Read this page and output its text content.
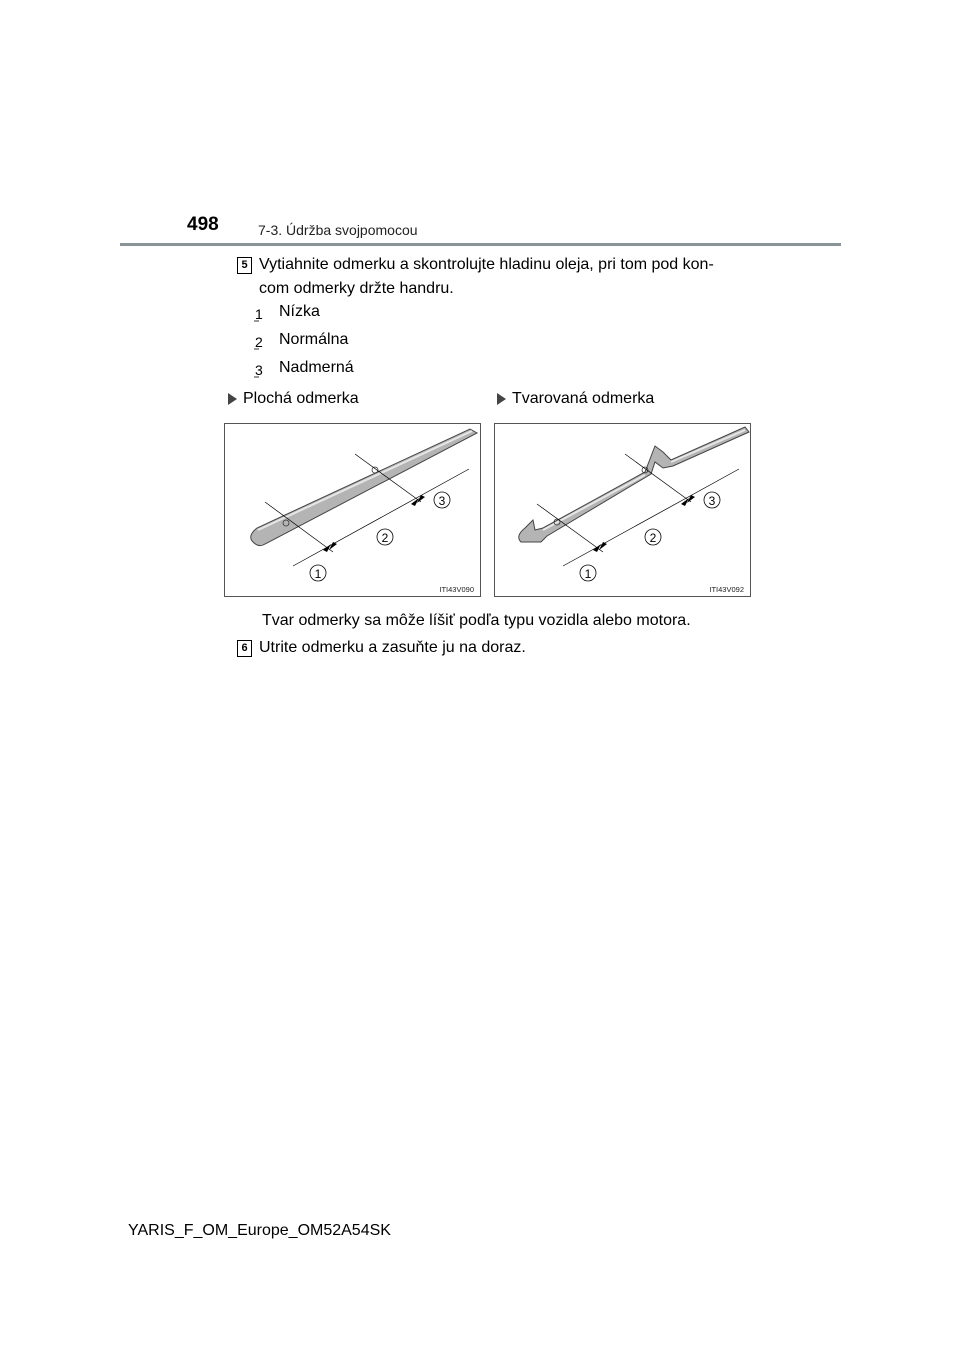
498	7-3. Údržba svojpomocou
5 Vytiahnite odmerku a skontrolujte hladinu oleja, pri tom pod kon-
com odmerky držte handru.
1 Nízka
2 Normálna
3 Nadmerná
Plochá odmerka	Tvarovaná odmerka
1
2
3
ITI43V090
1
2
3
ITI43V092
Tvar odmerky sa môže líšiť podľa typu vozidla alebo motora.
6 Utrite odmerku a zasuňte ju na doraz.
YARIS_F_OM_Europe_OM52A54SK
